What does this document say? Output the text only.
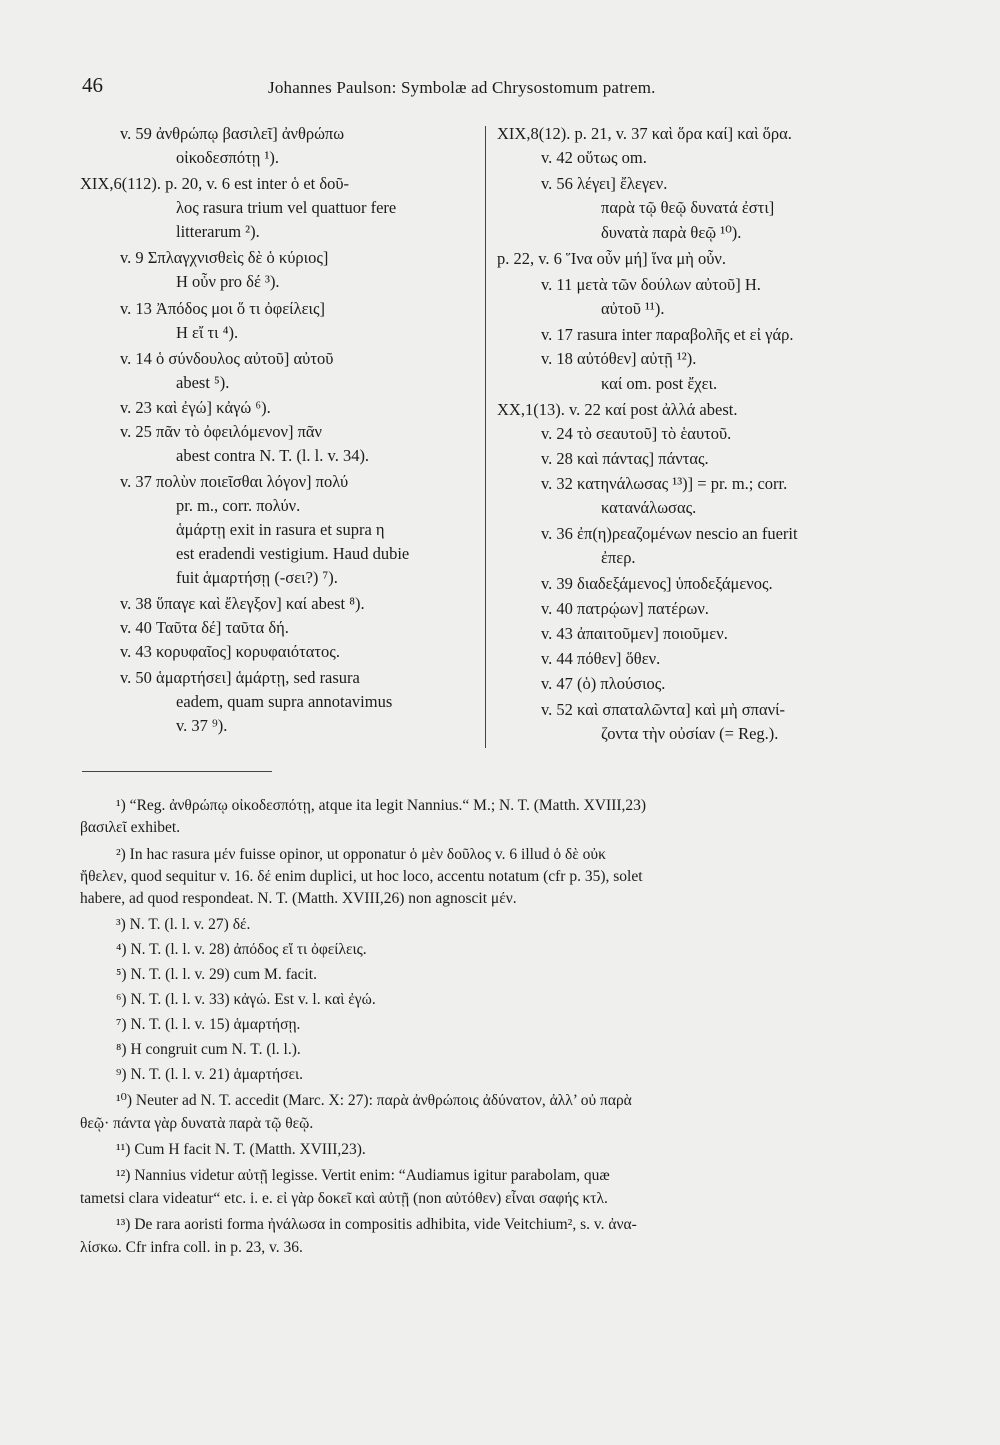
46	Johannes Paulson: Symbolæ ad Chrysostomum patrem.
v. 59 ἀνθρώπῳ βασιλεῖ] ἀνθρώπω
οἰκοδεσπότῃ ¹).
XIX,6(112). p. 20, v. 6 est inter ὁ et δοῦ-
λος rasura trium vel quattuor fere
litterarum ²).
v. 9 Σπλαγχνισθεὶς δὲ ὁ κύριος]
H οὖν pro δέ ³).
v. 13 Ἀπόδος μοι ὅ τι ὀφείλεις]
H εἴ τι ⁴).
v. 14 ὁ σύνδουλος αὐτοῦ] αὐτοῦ
abest ⁵).
v. 23 καὶ ἐγώ] κἀγώ ⁶).
v. 25 πᾶν τὸ ὀφειλόμενον] πᾶν
abest contra N. T. (l. l. v. 34).
v. 37 πολὺν ποιεῖσθαι λόγον] πολύ
pr. m., corr. πολύν.
ἁμάρτῃ exit in rasura et supra η
est eradendi vestigium. Haud dubie
fuit ἁμαρτήσῃ (-σει?) ⁷).
v. 38 ὕπαγε καὶ ἔλεγξον] καί abest ⁸).
v. 40 Ταῦτα δέ] ταῦτα δή.
v. 43 κορυφαῖος] κορυφαιότατος.
v. 50 ἁμαρτήσει] ἁμάρτῃ, sed rasura
eadem, quam supra annotavimus
v. 37 ⁹).
XIX,8(12). p. 21, v. 37 καὶ ὅρα καί] καὶ ὅρα.
v. 42 οὕτως om.
v. 56 λέγει] ἔλεγεν.
παρὰ τῷ θεῷ δυνατά ἐστι]
δυνατὰ παρὰ θεῷ ¹⁰).
p. 22, v. 6 Ἵνα οὖν μή] ἵνα μὴ οὖν.
v. 11 μετὰ τῶν δούλων αὐτοῦ] H.
αὐτοῦ ¹¹).
v. 17 rasura inter παραβολῆς et εἰ γάρ.
v. 18 αὐτόθεν] αὐτῇ ¹²).
καί om. post ἔχει.
XX,1(13). v. 22 καί post ἀλλά abest.
v. 24 τὸ σεαυτοῦ] τὸ ἑαυτοῦ.
v. 28 καὶ πάντας] πάντας.
v. 32 κατηνάλωσας ¹³)] = pr. m.; corr.
κατανάλωσας.
v. 36 ἐπ(η)ρεαζομένων nescio an fuerit
ἐπερ.
v. 39 διαδεξάμενος] ὑποδεξάμενος.
v. 40 πατρῴων] πατέρων.
v. 43 ἀπαιτοῦμεν] ποιοῦμεν.
v. 44 πόθεν] ὅθεν.
v. 47 (ὁ) πλούσιος.
v. 52 καὶ σπαταλῶντα] καὶ μὴ σπανί-
ζοντα τὴν οὐσίαν (= Reg.).
¹) “Reg. ἀνθρώπῳ οἰκοδεσπότῃ, atque ita legit Nannius.“ M.; N. T. (Matth. XVIII,23)
βασιλεῖ exhibet.
²) In hac rasura μέν fuisse opinor, ut opponatur ὁ μὲν δοῦλος v. 6 illud ὁ δὲ οὐκ
ἤθελεν, quod sequitur v. 16. δέ enim duplici, ut hoc loco, accentu notatum (cfr p. 35), solet
habere, ad quod respondeat. N. T. (Matth. XVIII,26) non agnoscit μέν.
³) N. T. (l. l. v. 27) δέ.
⁴) N. T. (l. l. v. 28) ἀπόδος εἴ τι ὀφείλεις.
⁵) N. T. (l. l. v. 29) cum M. facit.
⁶) N. T. (l. l. v. 33) κἀγώ. Est v. l. καὶ ἐγώ.
⁷) N. T. (l. l. v. 15) ἁμαρτήσῃ.
⁸) H congruit cum N. T. (l. l.).
⁹) N. T. (l. l. v. 21) ἁμαρτήσει.
¹⁰) Neuter ad N. T. accedit (Marc. X: 27): παρὰ ἀνθρώποις ἀδύνατον, ἀλλ’ οὐ παρὰ
θεῷ· πάντα γὰρ δυνατὰ παρὰ τῷ θεῷ.
¹¹) Cum H facit N. T. (Matth. XVIII,23).
¹²) Nannius videtur αὐτῇ legisse. Vertit enim: “Audiamus igitur parabolam, quæ
tametsi clara videatur“ etc. i. e. εἰ γὰρ δοκεῖ καὶ αὐτῇ (non αὐτόθεν) εἶναι σαφής κτλ.
¹³) De rara aoristi forma ἠνάλωσα in compositis adhibita, vide Veitchium², s. v. ἀνα-
λίσκω. Cfr infra coll. in p. 23, v. 36.
